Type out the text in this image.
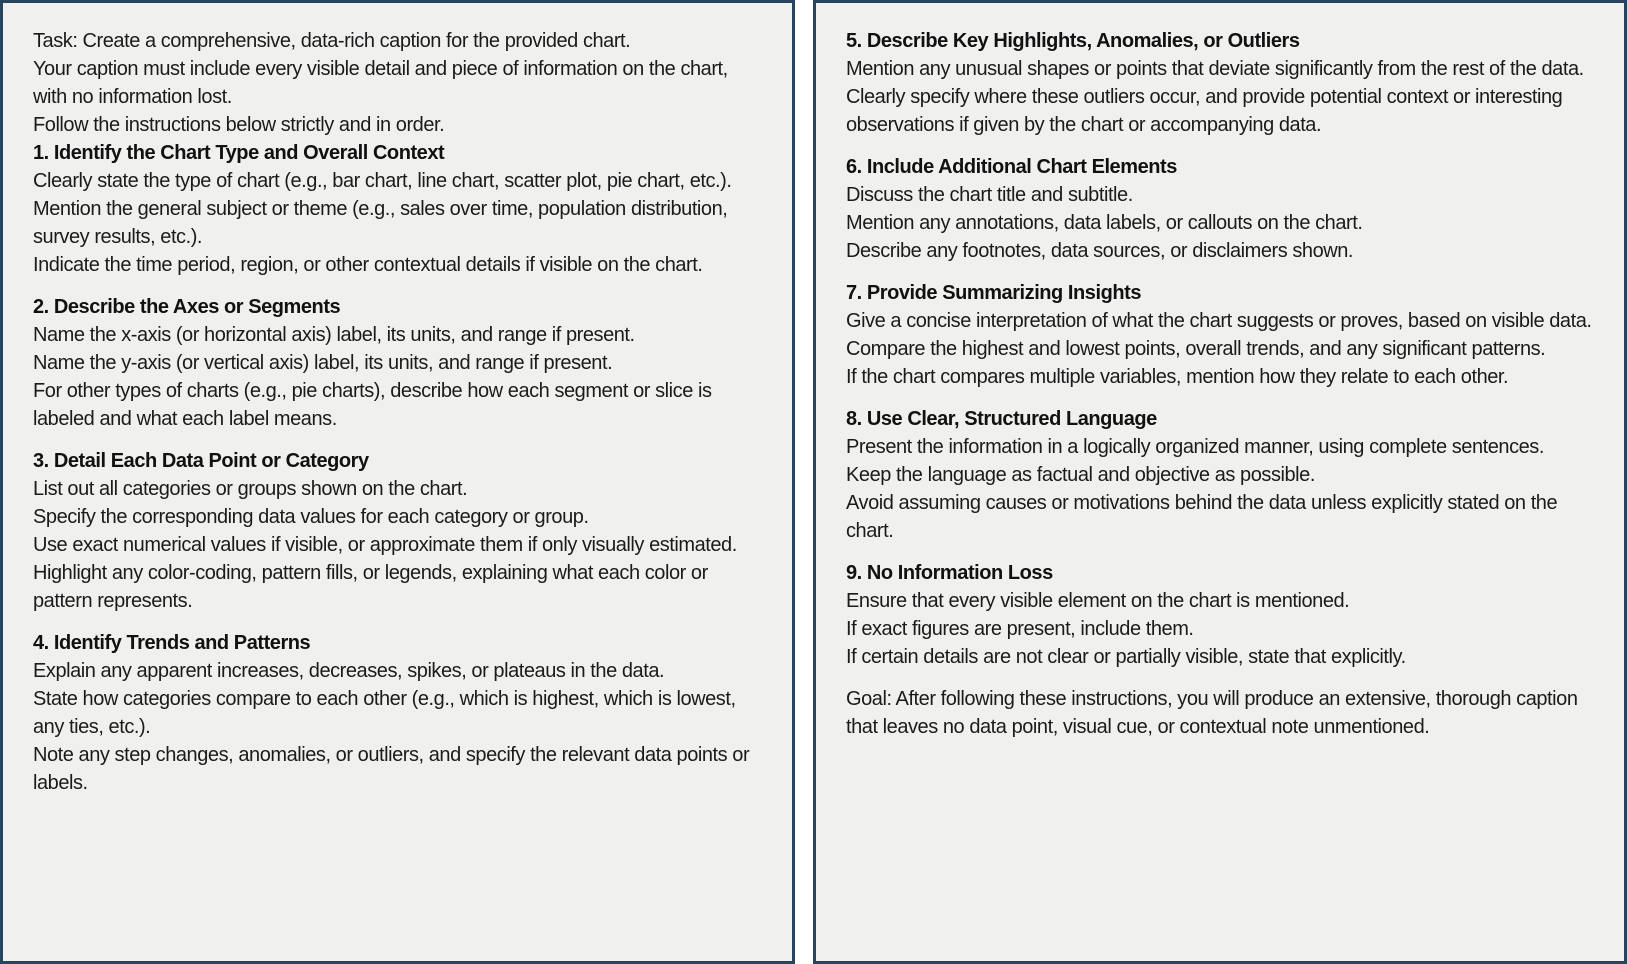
Task: Create a comprehensive, data-rich caption for the provided chart.
Your caption must include every visible detail and piece of information on the chart, with no information lost.
Follow the instructions below strictly and in order.
1. Identify the Chart Type and Overall Context
Clearly state the type of chart (e.g., bar chart, line chart, scatter plot, pie chart, etc.).
Mention the general subject or theme (e.g., sales over time, population distribution, survey results, etc.).
Indicate the time period, region, or other contextual details if visible on the chart.
2. Describe the Axes or Segments
Name the x-axis (or horizontal axis) label, its units, and range if present.
Name the y-axis (or vertical axis) label, its units, and range if present.
For other types of charts (e.g., pie charts), describe how each segment or slice is labeled and what each label means.
3. Detail Each Data Point or Category
List out all categories or groups shown on the chart.
Specify the corresponding data values for each category or group.
Use exact numerical values if visible, or approximate them if only visually estimated.
Highlight any color-coding, pattern fills, or legends, explaining what each color or pattern represents.
4. Identify Trends and Patterns
Explain any apparent increases, decreases, spikes, or plateaus in the data.
State how categories compare to each other (e.g., which is highest, which is lowest, any ties, etc.).
Note any step changes, anomalies, or outliers, and specify the relevant data points or labels.
5. Describe Key Highlights, Anomalies, or Outliers
Mention any unusual shapes or points that deviate significantly from the rest of the data.
Clearly specify where these outliers occur, and provide potential context or interesting observations if given by the chart or accompanying data.
6. Include Additional Chart Elements
Discuss the chart title and subtitle.
Mention any annotations, data labels, or callouts on the chart.
Describe any footnotes, data sources, or disclaimers shown.
7. Provide Summarizing Insights
Give a concise interpretation of what the chart suggests or proves, based on visible data.
Compare the highest and lowest points, overall trends, and any significant patterns.
If the chart compares multiple variables, mention how they relate to each other.
8. Use Clear, Structured Language
Present the information in a logically organized manner, using complete sentences.
Keep the language as factual and objective as possible.
Avoid assuming causes or motivations behind the data unless explicitly stated on the chart.
9. No Information Loss
Ensure that every visible element on the chart is mentioned.
If exact figures are present, include them.
If certain details are not clear or partially visible, state that explicitly.
Goal: After following these instructions, you will produce an extensive, thorough caption that leaves no data point, visual cue, or contextual note unmentioned.
